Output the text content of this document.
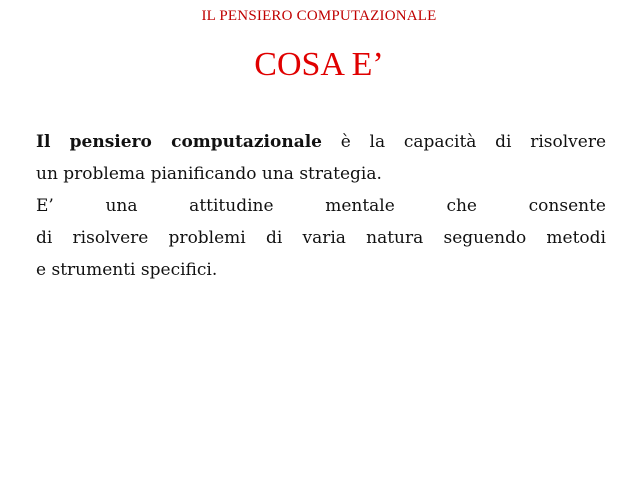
IL PENSIERO COMPUTAZIONALE
COSA E’
Il pensiero computazionale è la capacità di risolvere
un problema pianificando una strategia.
E’ una attitudine mentale che consente
di risolvere problemi di varia natura seguendo metodi
e strumenti specifici.
